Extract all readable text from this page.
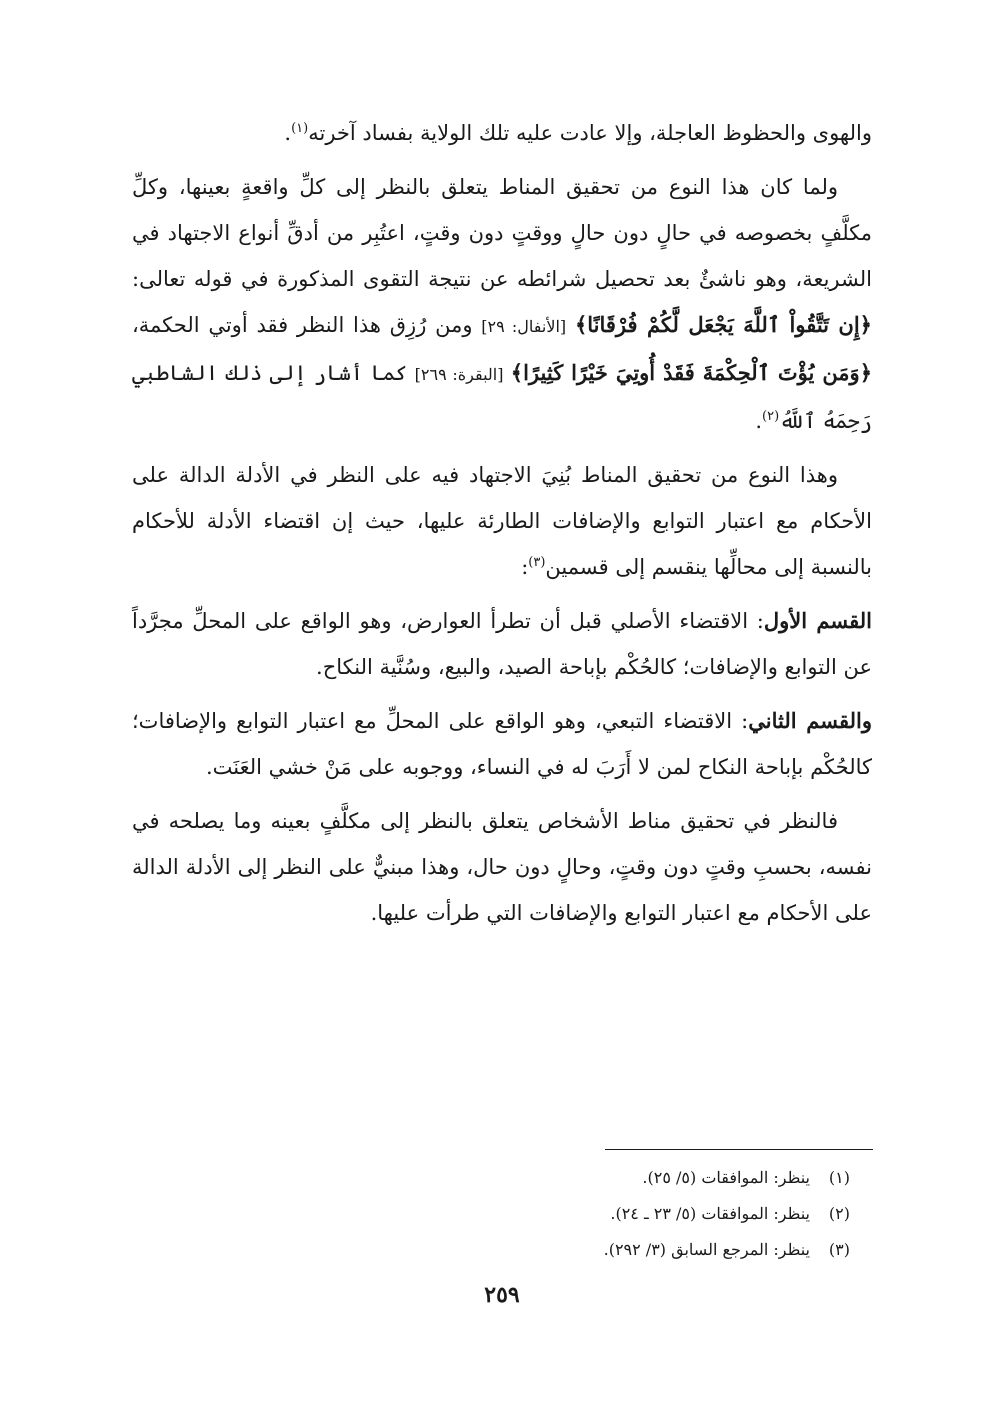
والهوى والحظوظ العاجلة، وإلا عادت عليه تلك الولاية بفساد آخرته$^{(١)}$.

ولما كان هذا النوع من تحقيق المناط يتعلق بالنظر إلى كلِّ واقعةٍ بعينها، وكلِّ مكلَّفٍ بخصوصه في حالٍ دون حالٍ ووقتٍ دون وقتٍ، اعتُبِر من أدقِّ أنواع الاجتهاد في الشريعة، وهو ناشئٌ بعد تحصيل شرائطه عن نتيجة التقوى المذكورة في قوله تعالى: ﴿إِن تَتَّقُواْ ٱللَّهَ يَجْعَل لَّكُمْ فُرْقَانًا﴾ [الأنفال: ٢٩] ومن رُزِق هذا النظر فقد أوتي الحكمة، ﴿وَمَن يُؤْتَ ٱلْحِكْمَةَ فَقَدْ أُوتِيَ خَيْرًا كَثِيرًا﴾ [البقرة: ٢٦٩] كما أشار إلى ذلك الشاطبي رَحِمَهُ ٱللَّهُ$^{(٢)}$.

وهذا النوع من تحقيق المناط بُنِيَ الاجتهاد فيه على النظر في الأدلة الدالة على الأحكام مع اعتبار التوابع والإضافات الطارئة عليها، حيث إن اقتضاء الأدلة للأحكام بالنسبة إلى محالِّها ينقسم إلى قسمين$^{(٣)}$:

القسم الأول: الاقتضاء الأصلي قبل أن تطرأ العوارض، وهو الواقع على المحلِّ مجرَّداً عن التوابع والإضافات؛ كالحُكْم بإباحة الصيد، والبيع، وسُنَّية النكاح.

والقسم الثاني: الاقتضاء التبعي، وهو الواقع على المحلِّ مع اعتبار التوابع والإضافات؛ كالحُكْم بإباحة النكاح لمن لا أَرَبَ له في النساء، ووجوبه على مَنْ خشي العَنَت.

فالنظر في تحقيق مناط الأشخاص يتعلق بالنظر إلى مكلَّفٍ بعينه وما يصلحه في نفسه، بحسبِ وقتٍ دون وقتٍ، وحالٍ دون حال، وهذا مبنيٌّ على النظر إلى الأدلة الدالة على الأحكام مع اعتبار التوابع والإضافات التي طرأت عليها.

(١)ينظر: الموافقات (٥/ ٢٥).
(٢)ينظر: الموافقات (٥/ ٢٣ ـ ٢٤).
(٣)ينظر: المرجع السابق (٣/ ٢٩٢).
٢٥٩
